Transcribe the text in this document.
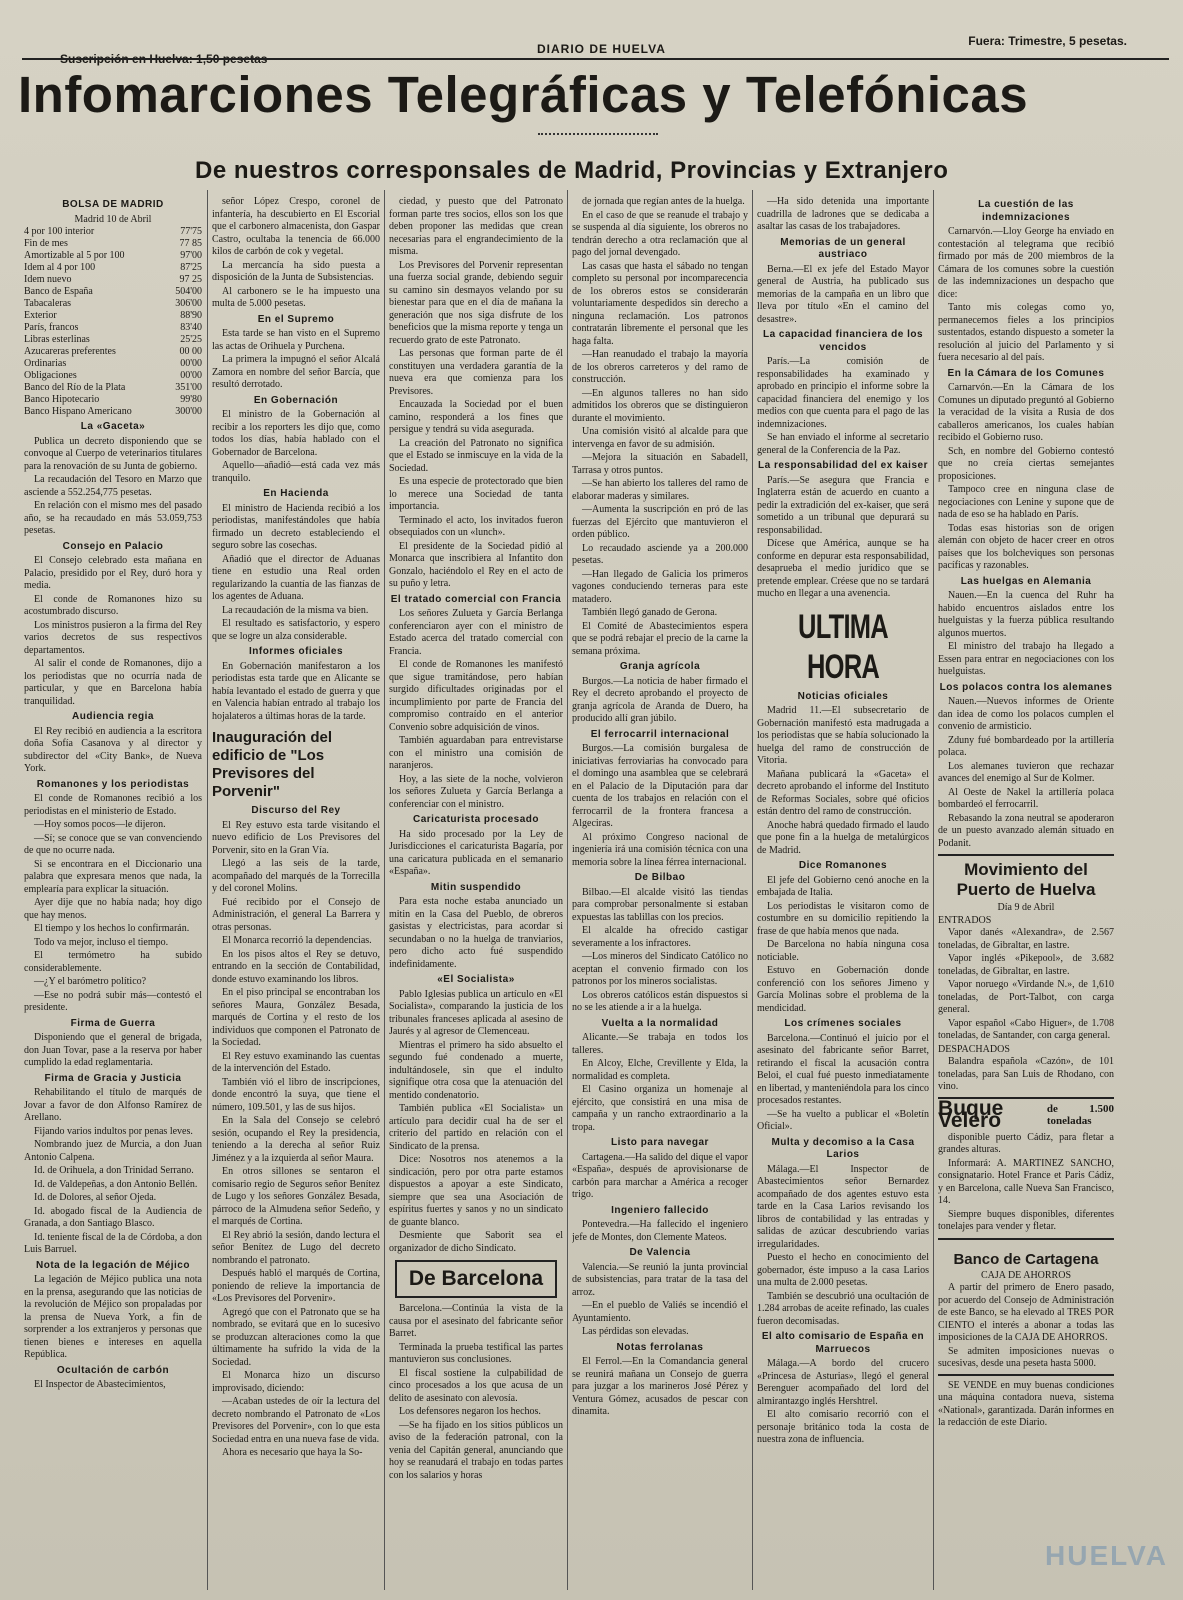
DIARIO DE HUELVA
Fuera: Trimestre, 5 pesetas.
Infomarciones Telegráficas y Telefónicas
De nuestros corresponsales de Madrid, Provincias y Extranjero
BOLSA DE MADRID
Madrid 10 de Abril
4 por 100 interior	77'75
Fin de mes	77 85
Amortizable al 5 por 100	97'00
Idem al 4 por 100	87'25
Idem nuevo	97 25
Banco de España	504'00
Tabacaleras	306'00
Exterior	88'90
París, francos	83'40
Libras esterlinas	25'25
Azucareras preferentes	00 00
Ordinarias	00'00
Obligaciones	00'00
Banco del Río de la Plata	351'00
Banco Hipotecario	99'80
Banco Hispano Americano	300'00
La «Gaceta»

Publica un decreto disponiendo que se convoque al Cuerpo de veterinarios titulares para la renovación de su Junta de gobierno.

La recaudación del Tesoro en Marzo que asciende a 552.254,775 pesetas.

En relación con el mismo mes del pasado año, se ha recaudado en más 53.059,753 pesetas.

Consejo en Palacio

El Consejo celebrado esta mañana en Palacio, presidido por el Rey, duró hora y media.

El conde de Romanones hizo su acostumbrado discurso.

Los ministros pusieron a la firma del Rey varios decretos de sus respectivos departamentos.

Al salir el conde de Romanones, dijo a los periodistas que no ocurría nada de particular, y que en Barcelona había tranquilidad.

Audiencia regia

El Rey recibió en audiencia a la escritora doña Sofía Casanova y al director y subdirector del «City Bank», de Nueva York.

Romanones y los periodistas

El conde de Romanones recibió a los periodistas en el ministerio de Estado.

—Hoy somos pocos—le dijeron.

—Sí; se conoce que se van convenciendo de que no ocurre nada.

Si se encontrara en el Diccionario una palabra que expresara menos que nada, la emplearía para explicar la situación.

Ayer dije que no había nada; hoy digo que hay menos.

El tiempo y los hechos lo confirmarán.

Todo va mejor, incluso el tiempo.

El termómetro ha subido considerablemente.

—¿Y el barómetro político?

—Ese no podrá subir más—contestó el presidente.

Firma de Guerra

Disponiendo que el general de brigada, don Juan Tovar, pase a la reserva por haber cumplido la edad reglamentaria.

Firma de Gracia y Justicia

Rehabilitando el título de marqués de Jovar a favor de don Alfonso Ramírez de Arellano.

Fijando varios indultos por penas leves.

Nombrando juez de Murcia, a don Juan Antonio Calpena.

Id. de Orihuela, a don Trinidad Serrano.

Id. de Valdepeñas, a don Antonio Bellén.

Id. de Dolores, al señor Ojeda.

Id. abogado fiscal de la Audiencia de Granada, a don Santiago Blasco.

Id. teniente fiscal de la de Córdoba, a don Luis Barruel.

Nota de la legación de Méjico

La legación de Méjico publica una nota en la prensa, asegurando que las noticias de la revolución de Méjico son propaladas por la prensa de Nueva York, a fin de sorprender a los extranjeros y personas que tienen bienes e intereses en aquella República.

Ocultación de carbón

El Inspector de Abastecimientos,

señor López Crespo, coronel de infantería, ha descubierto en El Escorial que el carbonero almacenista, don Gaspar Castro, ocultaba la tenencia de 66.000 kilos de carbón de cok y vegetal.

La mercancía ha sido puesta a disposición de la Junta de Subsistencias.

Al carbonero se le ha impuesto una multa de 5.000 pesetas.

En el Supremo

Esta tarde se han visto en el Supremo las actas de Orihuela y Purchena.

La primera la impugnó el señor Alcalá Zamora en nombre del señor Barcía, que resultó derrotado.

En Gobernación

El ministro de la Gobernación al recibir a los reporters les dijo que, como todos los días, había hablado con el Gobernador de Barcelona.

Aquello—añadió—está cada vez más tranquilo.

En Hacienda

El ministro de Hacienda recibió a los periodistas, manifestándoles que había firmado un decreto estableciendo el seguro sobre las cosechas.

Añadió que el director de Aduanas tiene en estudio una Real orden regularizando la cuantía de las fianzas de los agentes de Aduana.

La recaudación de la misma va bien.

El resultado es satisfactorio, y espero que se logre un alza considerable.

Informes oficiales

En Gobernación manifestaron a los periodistas esta tarde que en Alicante se había levantado el estado de guerra y que en Valencia habían entrado al trabajo los hojalateros a últimas horas de la tarde.

Inauguración del edificio de "Los Previsores del Porvenir"
Discurso del Rey

El Rey estuvo esta tarde visitando el nuevo edificio de Los Previsores del Porvenir, sito en la Gran Vía.

Llegó a las seis de la tarde, acompañado del marqués de la Torrecilla y del coronel Molins.

Fué recibido por el Consejo de Administración, el general La Barrera y otras personas.

El Monarca recorrió la dependencias.

En los pisos altos el Rey se detuvo, entrando en la sección de Contabilidad, donde estuvo examinando los libros.

En el piso principal se encontraban los señores Maura, González Besada, marqués de Cortina y el resto de los individuos que componen el Patronato de la Sociedad.

El Rey estuvo examinando las cuentas de la intervención del Estado.

También vió el libro de inscripciones, donde encontró la suya, que tiene el número, 109.501, y las de sus hijos.

En la Sala del Consejo se celebró sesión, ocupando el Rey la presidencia, teniendo a la derecha al señor Ruiz Jiménez y a la izquierda al señor Maura.

En otros sillones se sentaron el comisario regio de Seguros señor Benítez de Lugo y los señores González Besada, párroco de la Almudena señor Sedeño, y el marqués de Cortina.

El Rey abrió la sesión, dando lectura el señor Benítez de Lugo del decreto nombrando el patronato.

Después habló el marqués de Cortina, poniendo de relieve la importancia de «Los Previsores del Porvenir».

Agregó que con el Patronato que se ha nombrado, se evitará que en lo sucesivo se produzcan alteraciones como la que últimamente ha sufrido la vida de la Sociedad.

El Monarca hizo un discurso improvisado, diciendo:

—Acaban ustedes de oír la lectura del decreto nombrando el Patronato de «Los Previsores del Porvenir», con lo que esta Sociedad entra en una nueva fase de vida.

Ahora es necesario que haya la So-

ciedad, y puesto que del Patronato forman parte tres socios, ellos son los que deben proponer las medidas que crean necesarias para el engrandecimiento de la misma.

Los Previsores del Porvenir representan una fuerza social grande, debiendo seguir su camino sin desmayos velando por su bienestar para que en el día de mañana la generación que nos siga disfrute de los beneficios que la misma reporte y tenga un recuerdo grato de este Patronato.

Las personas que forman parte de él constituyen una verdadera garantía de la nueva era que comienza para los Previsores.

Encauzada la Sociedad por el buen camino, responderá a los fines que persigue y tendrá su vida asegurada.

La creación del Patronato no significa que el Estado se inmiscuye en la vida de la Sociedad.

Es una especie de protectorado que bien lo merece una Sociedad de tanta importancia.

Terminado el acto, los invitados fueron obsequiados con un «lunch».

El presidente de la Sociedad pidió al Monarca que inscribiera al Infantito don Gonzalo, haciéndolo el Rey en el acto de su puño y letra.

El tratado comercial con Francia

Los señores Zulueta y García Berlanga conferenciaron ayer con el ministro de Estado acerca del tratado comercial con Francia.

El conde de Romanones les manifestó que sigue tramitándose, pero habían surgido dificultades originadas por el incumplimiento por parte de Francia del compromiso contraído en el anterior Convenio sobre adquisición de vinos.

También aguardaban para entrevistarse con el ministro una comisión de naranjeros.

Hoy, a las siete de la noche, volvieron los señores Zulueta y García Berlanga a conferenciar con el ministro.

Caricaturista procesado

Ha sido procesado por la Ley de Jurisdicciones el caricaturista Bagaría, por una caricatura publicada en el semanario «España».

Mitin suspendido

Para esta noche estaba anunciado un mitin en la Casa del Pueblo, de obreros gasistas y electricistas, para acordar si secundaban o no la huelga de tranviarios, pero dicho acto fué suspendido indefinidamente.

«El Socialista»

Pablo Iglesias publica un artículo en «El Socialista», comparando la justicia de los tribunales franceses aplicada al asesino de Jaurés y al agresor de Clemenceau.

Mientras el primero ha sido absuelto el segundo fué condenado a muerte, indultándosele, sin que el indulto signifique otra cosa que la atenuación del mentido condenatorio.

También publica «El Socialista» un artículo para decidir cual ha de ser el criterio del partido en relación con el Sindicato de la prensa.

Dice: Nosotros nos atenemos a la sindicación, pero por otra parte estamos dispuestos a apoyar a este Sindicato, siempre que sea una Asociación de espíritus fuertes y sanos y no un sindicato de guante blanco.

Desmiente que Saborit sea el organizador de dicho Sindicato.

De Barcelona

Barcelona.—Continúa la vista de la causa por el asesinato del fabricante señor Barret.

Terminada la prueba testifical las partes mantuvieron sus conclusiones.

El fiscal sostiene la culpabilidad de cinco procesados a los que acusa de un delito de asesinato con alevosía.

Los defensores negaron los hechos.

—Se ha fijado en los sitios públicos un aviso de la federación patronal, con la venia del Capitán general, anunciando que hoy se reanudará el trabajo en todas partes con los salarios y horas

de jornada que regían antes de la huelga.

En el caso de que se reanude el trabajo y se suspenda al día siguiente, los obreros no tendrán derecho a otra reclamación que al pago del jornal devengado.

Las casas que hasta el sábado no tengan completo su personal por incomparecencia de los obreros estos se considerarán voluntariamente despedidos sin derecho a ninguna reclamación. Los patronos contratarán libremente el personal que les haga falta.

—Han reanudado el trabajo la mayoría de los obreros carreteros y del ramo de construcción.

—En algunos talleres no han sido admitidos los obreros que se distinguieron durante el movimiento.

Una comisión visitó al alcalde para que intervenga en favor de su admisión.

—Mejora la situación en Sabadell, Tarrasa y otros puntos.

—Se han abierto los talleres del ramo de elaborar maderas y similares.

—Aumenta la suscripción en pró de las fuerzas del Ejército que mantuvieron el orden público.

Lo recaudado asciende ya a 200.000 pesetas.

—Han llegado de Galicia los primeros vagones conduciendo terneras para este matadero.

También llegó ganado de Gerona.

El Comité de Abastecimientos espera que se podrá rebajar el precio de la carne la semana próxima.

Granja agrícola

Burgos.—La noticia de haber firmado el Rey el decreto aprobando el proyecto de granja agrícola de Aranda de Duero, ha producido allí gran júbilo.

El ferrocarril internacional

Burgos.—La comisión burgalesa de iniciativas ferroviarias ha convocado para el domingo una asamblea que se celebrará en el Palacio de la Diputación para dar cuenta de los trabajos en relación con el ferrocarril de la frontera francesa a Algeciras.

Al próximo Congreso nacional de ingeniería irá una comisión técnica con una memoria sobre la línea férrea internacional.

De Bilbao

Bilbao.—El alcalde visitó las tiendas para comprobar personalmente si estaban expuestas las tablillas con los precios.

El alcalde ha ofrecido castigar severamente a los infractores.

—Los mineros del Sindicato Católico no aceptan el convenio firmado con los patronos por los mineros socialistas.

Los obreros católicos están dispuestos si no se les atiende a ir a la huelga.

Vuelta a la normalidad

Alicante.—Se trabaja en todos los talleres.

En Alcoy, Elche, Crevillente y Elda, la normalidad es completa.

El Casino organiza un homenaje al ejército, que consistirá en una misa de campaña y un rancho extraordinario a la tropa.

Listo para navegar

Cartagena.—Ha salido del dique el vapor «España», después de aprovisionarse de carbón para marchar a América a recoger trigo.

Ingeniero fallecido

Pontevedra.—Ha fallecido el ingeniero jefe de Montes, don Clemente Mateos.

De Valencia

Valencia.—Se reunió la junta provincial de subsistencias, para tratar de la tasa del arroz.

—En el pueblo de Valiés se incendió el Ayuntamiento.

Las pérdidas son elevadas.

Notas ferrolanas

El Ferrol.—En la Comandancia general se reunirá mañana un Consejo de guerra para juzgar a los marineros José Pérez y Ventura Gómez, acusados de pescar con dinamita.

—Ha sido detenida una importante cuadrilla de ladrones que se dedicaba a asaltar las casas de los trabajadores.

Memorias de un general austriaco

Berna.—El ex jefe del Estado Mayor general de Austria, ha publicado sus memorias de la campaña en un libro que lleva por título «En el camino del desastre».

La capacidad financiera de los vencidos

París.—La comisión de responsabilidades ha examinado y aprobado en principio el informe sobre la capacidad financiera del enemigo y los medios con que cuenta para el pago de las indemnizaciones.

Se han enviado el informe al secretario general de la Conferencia de la Paz.

La responsabilidad del ex kaiser

París.—Se asegura que Francia e Inglaterra están de acuerdo en cuanto a pedir la extradición del ex-kaiser, que será sometido a un tribunal que depurará su responsabilidad.

Dícese que América, aunque se ha conforme en depurar esta responsabilidad, desaprueba el medio jurídico que se pretende emplear. Créese que no se tardará mucho en llegar a una avenencia.

ULTIMA HORA
Noticias oficiales

Madrid 11.—El subsecretario de Gobernación manifestó esta madrugada a los periodistas que se había solucionado la huelga del ramo de construcción de Vitoria.

Mañana publicará la «Gaceta» el decreto aprobando el informe del Instituto de Reformas Sociales, sobre qué oficios están dentro del ramo de construcción.

Anoche habrá quedado firmado el laudo que pone fin a la huelga de metalúrgicos de Madrid.

Dice Romanones

El jefe del Gobierno cenó anoche en la embajada de Italia.

Los periodistas le visitaron como de costumbre en su domicilio repitiendo la frase de que había menos que nada.

De Barcelona no había ninguna cosa noticiable.

Estuvo en Gobernación donde conferenció con los señores Jimeno y García Molinas sobre el problema de la mendicidad.

Los crímenes sociales

Barcelona.—Continuó el juicio por el asesinato del fabricante señor Barret, retirando el fiscal la acusación contra Beloi, el cual fué puesto inmediatamente en libertad, y manteniéndola para los cinco procesados restantes.

—Se ha vuelto a publicar el «Boletín Oficial».

Multa y decomiso a la Casa Larios

Málaga.—El Inspector de Abastecimientos señor Bernardez acompañado de dos agentes estuvo esta tarde en la Casa Larios revisando los libros de contabilidad y las entradas y salidas de azúcar descubriendo varias irregularidades.

Puesto el hecho en conocimiento del gobernador, éste impuso a la casa Larios una multa de 2.000 pesetas.

También se descubrió una ocultación de 1.284 arrobas de aceite refinado, las cuales fueron decomisadas.

El alto comisario de España en Marruecos

Málaga.—A bordo del crucero «Princesa de Asturias», llegó el general Berenguer acompañado del lord del almirantazgo inglés Hershtrel.

El alto comisario recorrió con el personaje británico toda la costa de nuestra zona de influencia.

La cuestión de las indemnizaciones

Carnarvón.—Lloy George ha enviado en contestación al telegrama que recibió firmado por más de 200 miembros de la Cámara de los comunes sobre la cuestión de las indemnizaciones un despacho que dice:

Tanto mis colegas como yo, permanecemos fieles a los principios sustentados, estando dispuesto a someter la resolución al juicio del Parlamento y si fuera necesario al del país.

En la Cámara de los Comunes

Carnarvón.—En la Cámara de los Comunes un diputado preguntó al Gobierno la veracidad de la visita a Rusia de dos caballeros americanos, los cuales habían recibido el Gobierno ruso.

Sch, en nombre del Gobierno contestó que no creía ciertas semejantes proposiciones.

Tampoco cree en ninguna clase de negociaciones con Lenine y supone que de nada de eso se ha hablado en París.

Todas esas historias son de origen alemán con objeto de hacer creer en otros países que los bolcheviques son personas pacíficas y razonables.

Las huelgas en Alemania

Nauen.—En la cuenca del Ruhr ha habido encuentros aislados entre los huelguistas y la fuerza pública resultando algunos muertos.

El ministro del trabajo ha llegado a Essen para entrar en negociaciones con los huelguistas.

Los polacos contra los alemanes

Nauen.—Nuevos informes de Oriente dan idea de como los polacos cumplen el convenio de armisticio.

Zduny fué bombardeado por la artillería polaca.

Los alemanes tuvieron que rechazar avances del enemigo al Sur de Kolmer.

Al Oeste de Nakel la artillería polaca bombardeó el ferrocarril.

Rebasando la zona neutral se apoderaron de un puesto avanzado alemán situado en Podanit.

Movimiento del Puerto de Huelva
Día 9 de Abril
ENTRADOS

Vapor danés «Alexandra», de 2.567 toneladas, de Gibraltar, en lastre.

Vapor inglés «Pikepool», de 3.682 toneladas, de Gibraltar, en lastre.

Vapor noruego «Virdande N.», de 1,610 toneladas, de Port-Talbot, con carga general.

Vapor español «Cabo Higuer», de 1.708 toneladas, de Santander, con carga general.

DESPACHADOS

Balandra española «Cazón», de 101 toneladas, para San Luis de Rhodano, con vino.

Buque Velero	de 1.500 toneladas

disponible puerto Cádiz, para fletar a grandes alturas.

Informará: A. MARTINEZ SANCHO, consignatario. Hotel France et Paris Cádiz, y en Barcelona, calle Nueva San Francisco, 14.

Siempre buques disponibles, diferentes tonelajes para vender y fletar.

Banco de Cartagena
CAJA DE AHORROS

A partir del primero de Enero pasado, por acuerdo del Consejo de Administración de este Banco, se ha elevado al TRES POR CIENTO el interés a abonar a todas las imposiciones de la CAJA DE AHORROS.

Se admiten imposiciones nuevas o sucesivas, desde una peseta hasta 5000.

SE VENDE en muy buenas condiciones una máquina contadora nueva, sistema «National», garantizada. Darán informes en la redacción de este Diario.

HUELVA
